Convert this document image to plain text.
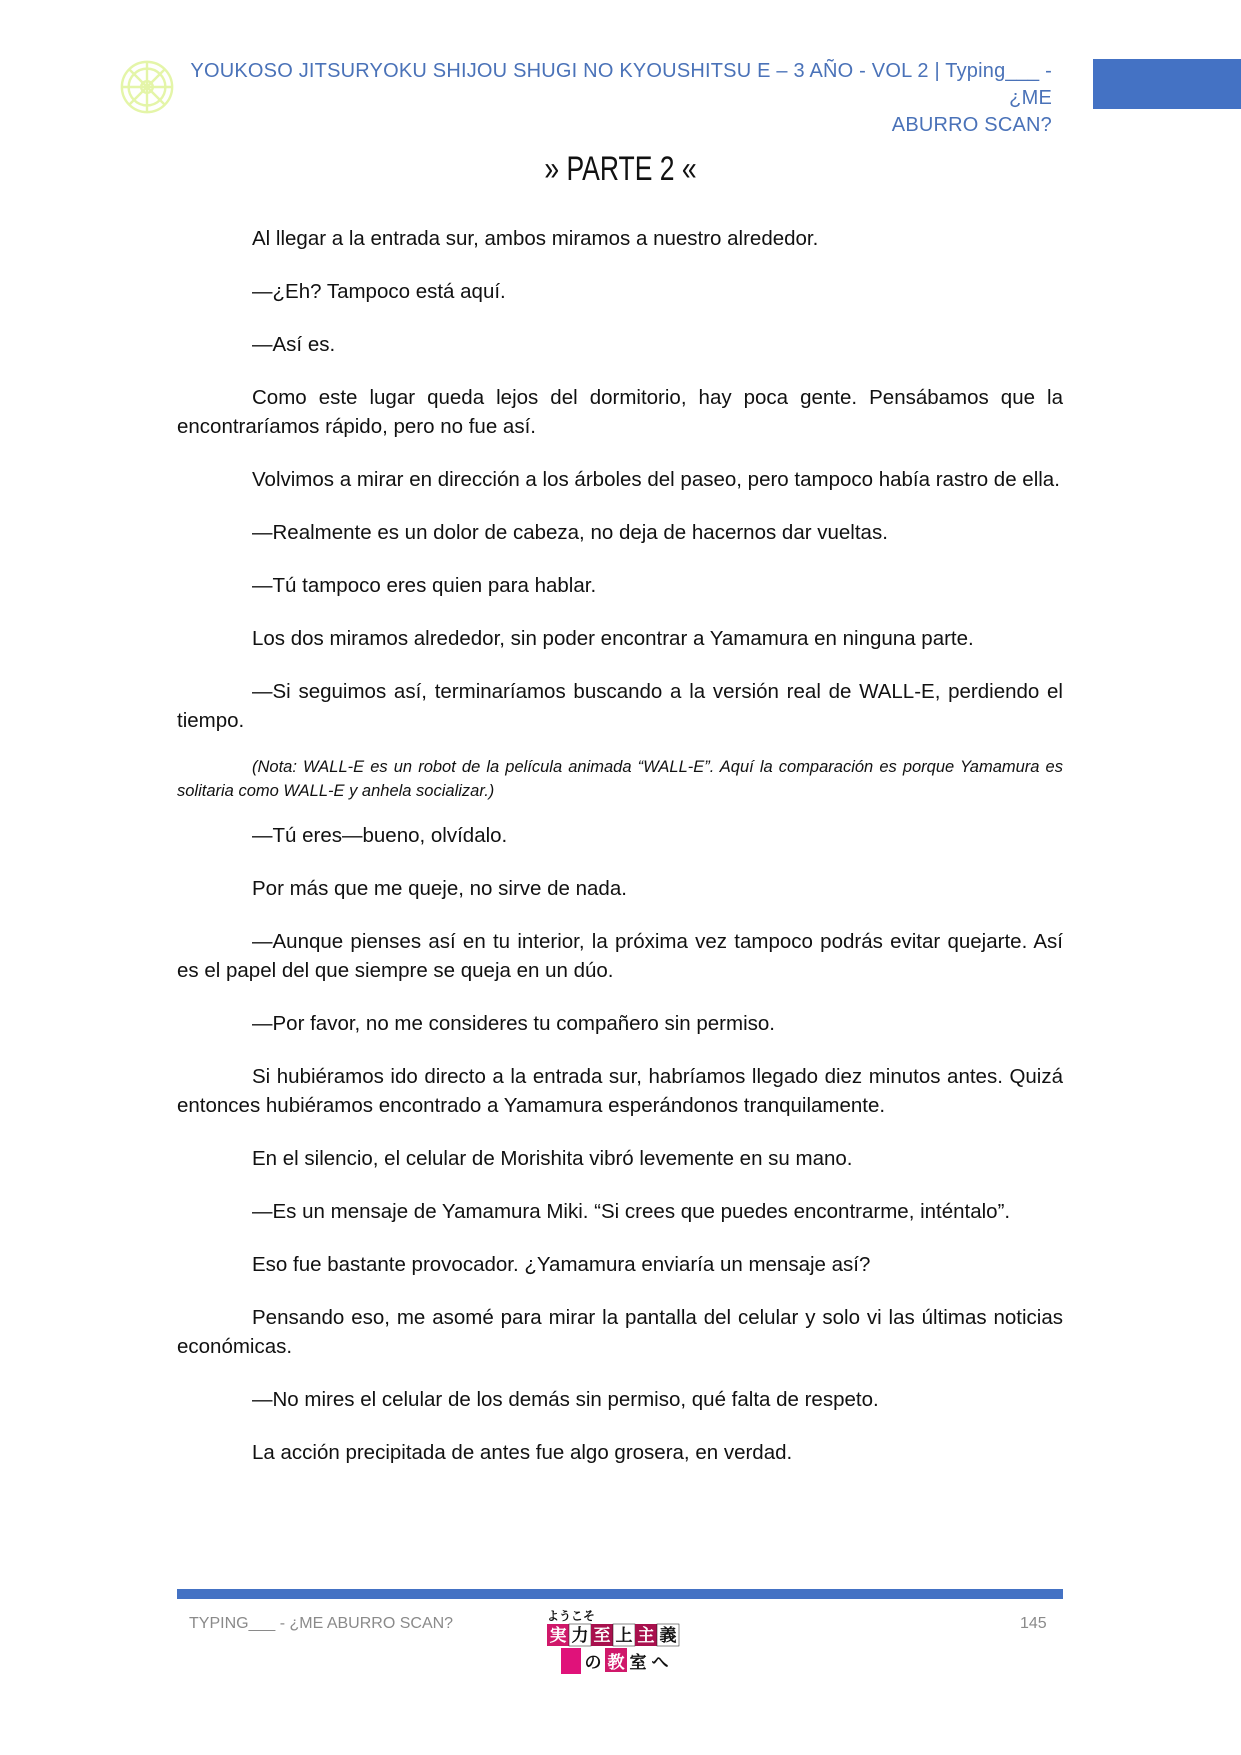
YOUKOSO JITSURYOKU SHIJOU SHUGI NO KYOUSHITSU E – 3 AÑO - VOL 2 | Typing___ - ¿ME
ABURRO SCAN?
» PARTE 2 «

Al llegar a la entrada sur, ambos miramos a nuestro alrededor.

—¿Eh? Tampoco está aquí.

—Así es.

Como este lugar queda lejos del dormitorio, hay poca gente. Pensábamos que la encontraríamos rápido, pero no fue así.

Volvimos a mirar en dirección a los árboles del paseo, pero tampoco había rastro de ella.

—Realmente es un dolor de cabeza, no deja de hacernos dar vueltas.

—Tú tampoco eres quien para hablar.

Los dos miramos alrededor, sin poder encontrar a Yamamura en ninguna parte.

—Si seguimos así, terminaríamos buscando a la versión real de WALL-E, perdiendo el tiempo.

(Nota: WALL-E es un robot de la película animada “WALL-E”. Aquí la comparación es porque Yamamura es solitaria como WALL-E y anhela socializar.)

—Tú eres—bueno, olvídalo.

Por más que me queje, no sirve de nada.

—Aunque pienses así en tu interior, la próxima vez tampoco podrás evitar quejarte. Así es el papel del que siempre se queja en un dúo.

—Por favor, no me consideres tu compañero sin permiso.

Si hubiéramos ido directo a la entrada sur, habríamos llegado diez minutos antes. Quizá entonces hubiéramos encontrado a Yamamura esperándonos tranquilamente.

En el silencio, el celular de Morishita vibró levemente en su mano.

—Es un mensaje de Yamamura Miki. “Si crees que puedes encontrarme, inténtalo”.

Eso fue bastante provocador. ¿Yamamura enviaría un mensaje así?

Pensando eso, me asomé para mirar la pantalla del celular y solo vi las últimas noticias económicas.

—No mires el celular de los demás sin permiso, qué falta de respeto.

La acción precipitada de antes fue algo grosera, en verdad.

TYPING___ - ¿ME ABURRO SCAN?	ようこそ
実 力 至 上 主 義
の 教 室 へ
145
